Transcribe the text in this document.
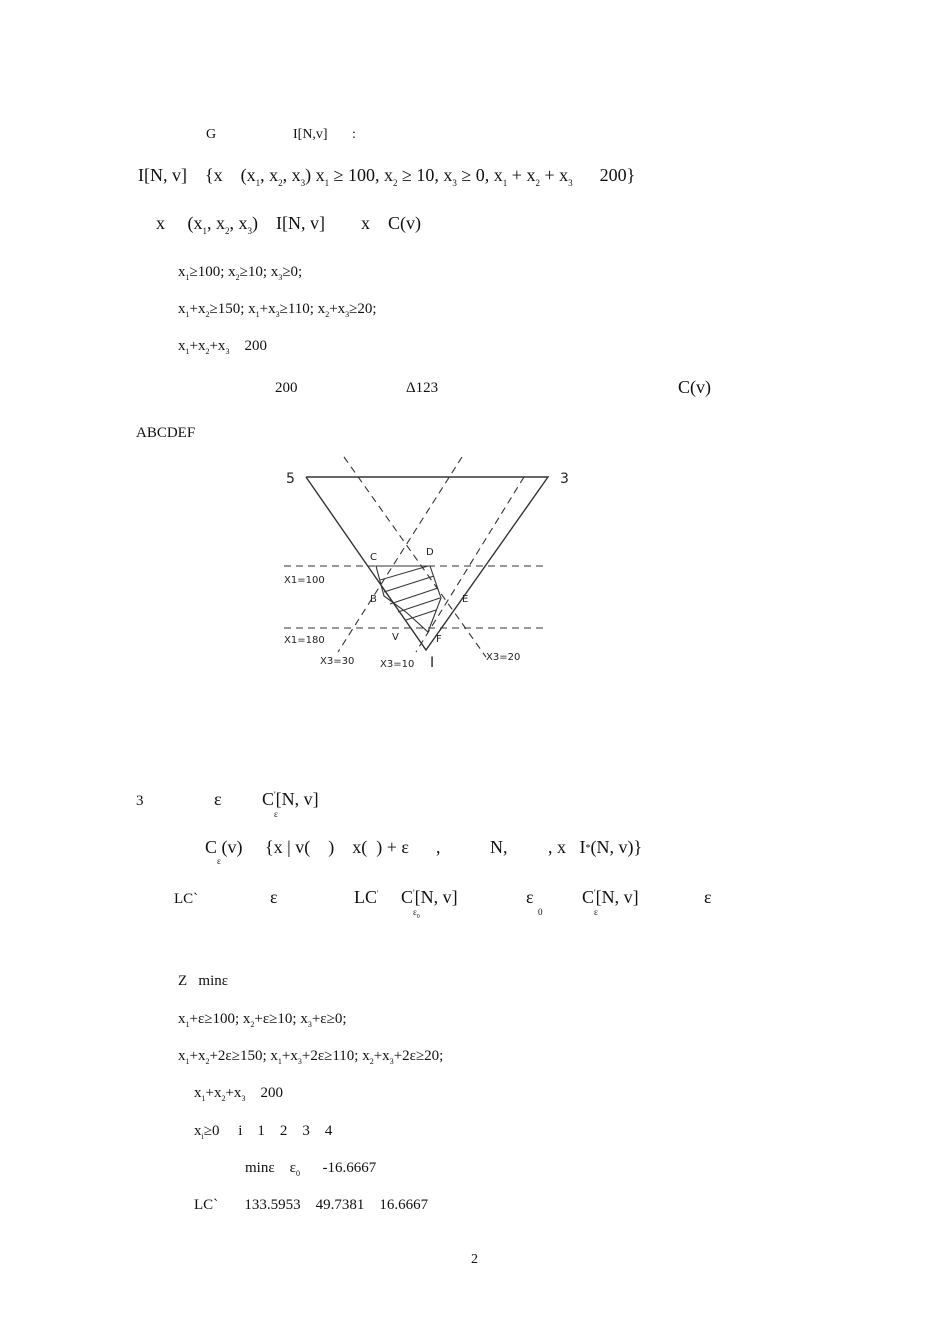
G	I[N,v] :
I[N, v] {x ($x_1$, $x_2$, $x_3$) $x_1 \ge 100$, $x_2 \ge 10$, $x_3 \ge 0$, $x_1 + x_2 + x_3$ 200}
x ($x_1$, $x_2$, $x_3$) I[N, v] x C(v)
$x_1\ge 100$; $x_2\ge 10$; $x_3\ge 0$;
$x_1+x_2\ge 150$; $x_1+x_3\ge 110$; $x_2+x_3\ge 20$;
$x_1+x_2+x_3$ 200
200	Δ123	C(v)
ABCDEF
5	3
I
C	D
B	E
V	F
X1=100
X1=180
X3=30	X3=10
X3=20
3	ε C'[N, v]
ε
C (v) {x | v( ) x( ) + ε ,	N, , x I*(N, v)}
ε
LC`	ε	LC' C'[N, v]
$\varepsilon_0$
ε
0
C'[N, v]
ε
ε
Z minε
$x_1+\varepsilon\ge 100$; $x_2+\varepsilon\ge 10$; $x_3+\varepsilon\ge 0$;
$x_1+x_2+2\varepsilon\ge 150$; $x_1+x_3+2\varepsilon\ge 110$; $x_2+x_3+2\varepsilon\ge 20$;
$x_1+x_2+x_3$ 200
$x_i\ge 0$ i 1 2 3 4
minε $\varepsilon_0$ -16.6667
LC` 133.5953 49.7381 16.6667
2
